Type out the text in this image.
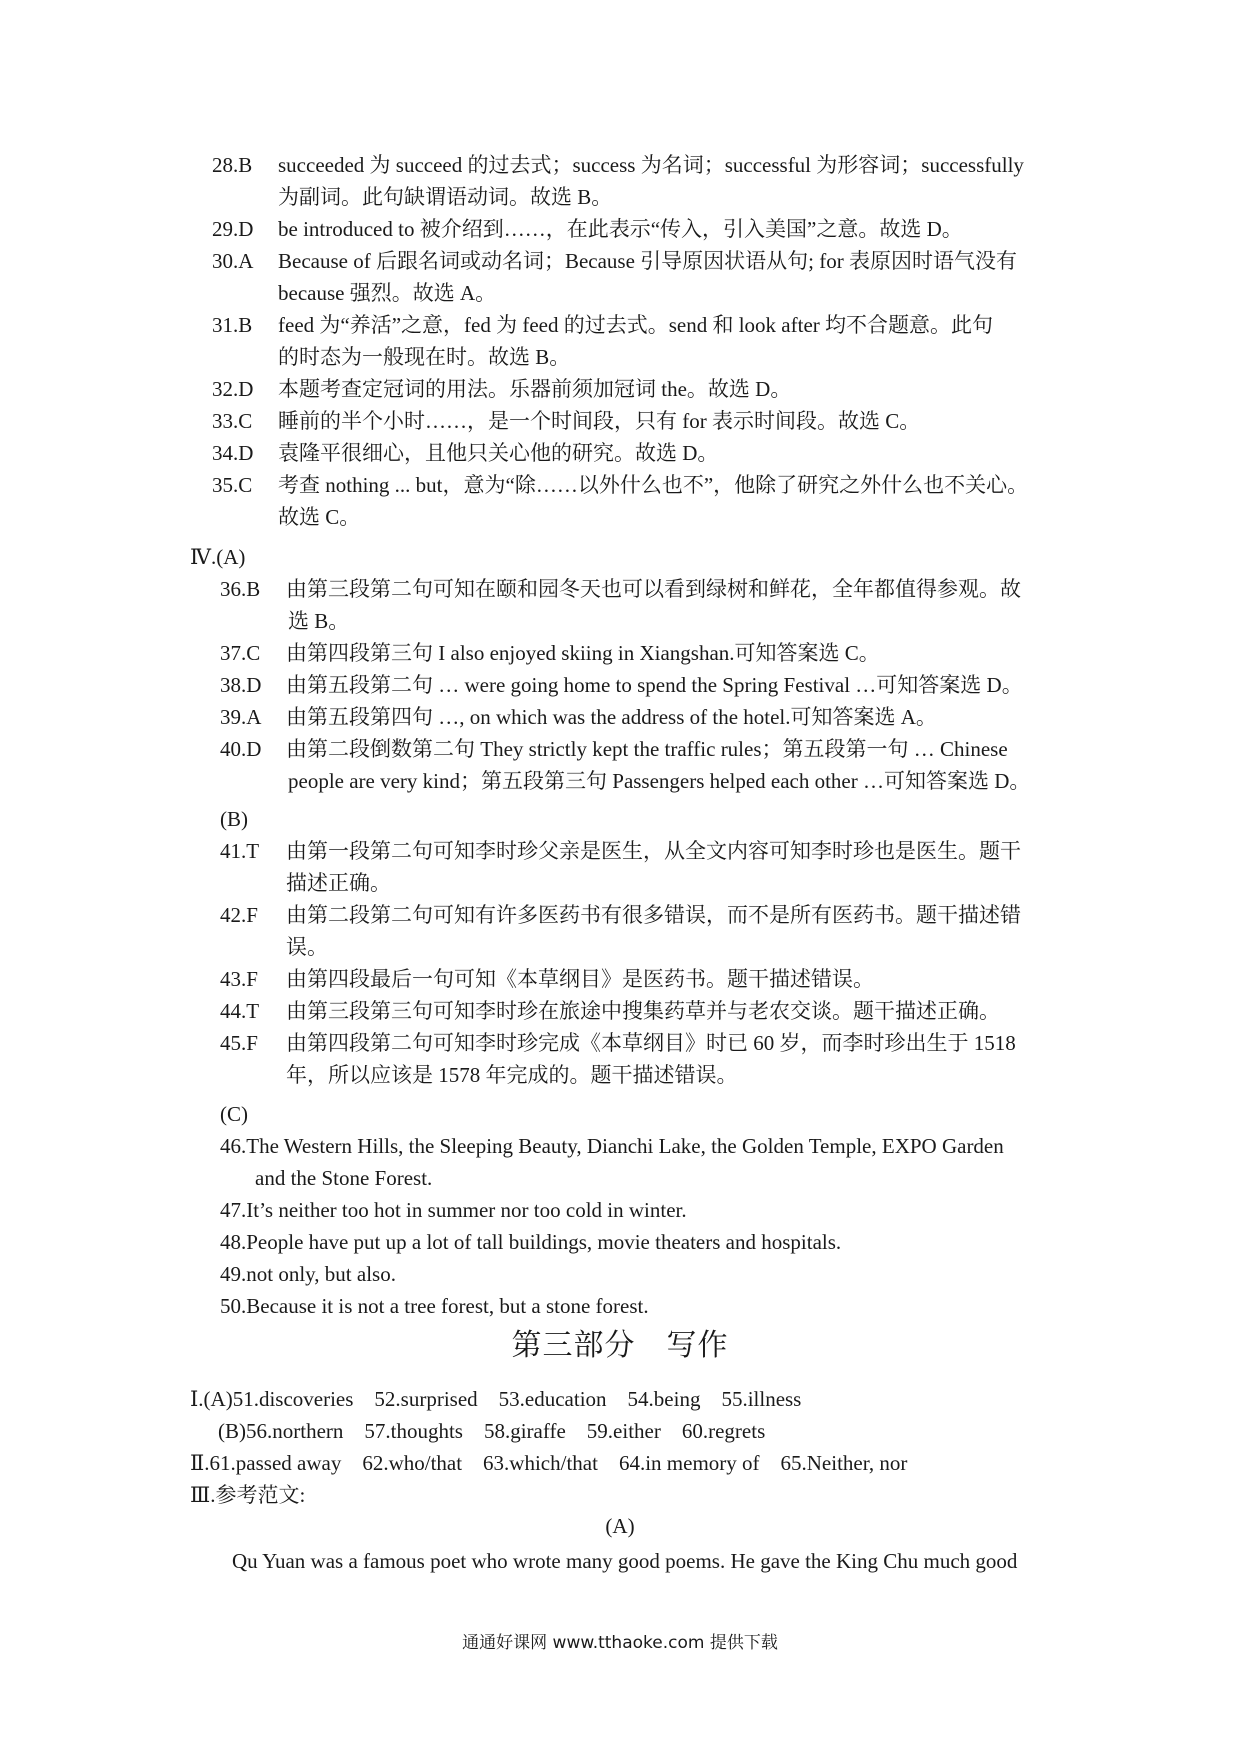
28.B succeeded 为 succeed 的过去式；success 为名词；successful 为形容词；successfully
为副词。此句缺谓语动词。故选 B。
29.D be introduced to 被介绍到……，在此表示“传入，引入美国”之意。故选 D。
30.A Because of 后跟名词或动名词；Because 引导原因状语从句; for 表原因时语气没有
because 强烈。故选 A。
31.B feed 为“养活”之意，fed 为 feed 的过去式。send 和 look after 均不合题意。此句
的时态为一般现在时。故选 B。
32.D 本题考查定冠词的用法。乐器前须加冠词 the。故选 D。
33.C 睡前的半个小时……，是一个时间段，只有 for 表示时间段。故选 C。
34.D 袁隆平很细心，且他只关心他的研究。故选 D。
35.C 考查 nothing ... but，意为“除……以外什么也不”，他除了研究之外什么也不关心。
故选 C。
Ⅳ.(A)
36.B 由第三段第二句可知在颐和园冬天也可以看到绿树和鲜花，全年都值得参观。故
选 B。
37.C 由第四段第三句 I also enjoyed skiing in Xiangshan.可知答案选 C。
38.D 由第五段第二句 … were going home to spend the Spring Festival …可知答案选 D。
39.A 由第五段第四句 …, on which was the address of the hotel.可知答案选 A。
40.D 由第二段倒数第二句 They strictly kept the traffic rules；第五段第一句 … Chinese
people are very kind；第五段第三句 Passengers helped each other …可知答案选 D。
(B)
41.T 由第一段第二句可知李时珍父亲是医生，从全文内容可知李时珍也是医生。题干
描述正确。
42.F 由第二段第二句可知有许多医药书有很多错误，而不是所有医药书。题干描述错
误。
43.F 由第四段最后一句可知《本草纲目》是医药书。题干描述错误。
44.T 由第三段第三句可知李时珍在旅途中搜集药草并与老农交谈。题干描述正确。
45.F 由第四段第二句可知李时珍完成《本草纲目》时已 60 岁，而李时珍出生于 1518
年，所以应该是 1578 年完成的。题干描述错误。
(C)
46.The Western Hills, the Sleeping Beauty, Dianchi Lake, the Golden Temple, EXPO Garden
and the Stone Forest.
47.It’s neither too hot in summer nor too cold in winter.
48.People have put up a lot of tall buildings, movie theaters and hospitals.
49.not only, but also.
50.Because it is not a tree forest, but a stone forest.
第三部分　写作
Ⅰ.(A)51.discoveries　52.surprised　53.education　54.being　55.illness
(B)56.northern　57.thoughts　58.giraffe　59.either　60.regrets
Ⅱ.61.passed away　62.who/that　63.which/that　64.in memory of　65.Neither, nor
Ⅲ.参考范文:
(A)
Qu Yuan was a famous poet who wrote many good poems. He gave the King Chu much good
通通好课网 www.tthaoke.com 提供下载
